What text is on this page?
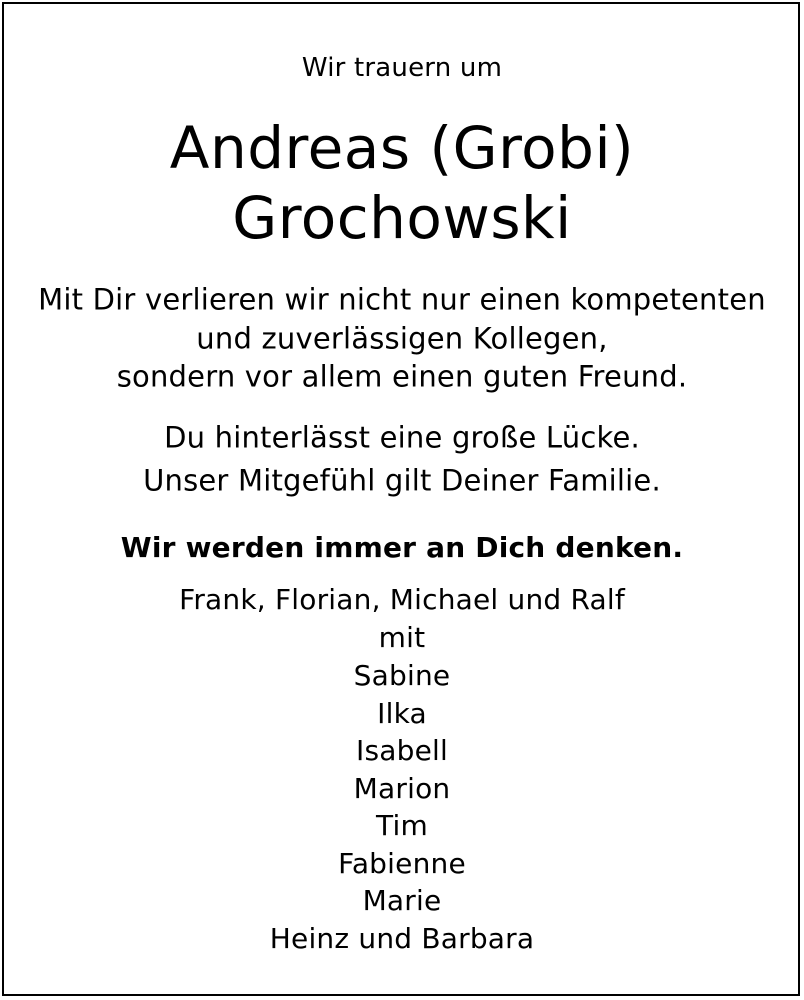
Wir trauern um
Andreas (Grobi)
Grochowski
Mit Dir verlieren wir nicht nur einen kompetenten
und zuverlässigen Kollegen,
sondern vor allem einen guten Freund.
Du hinterlässt eine große Lücke.
Unser Mitgefühl gilt Deiner Familie.
Wir werden immer an Dich denken.
Frank, Florian, Michael und Ralf
mit
Sabine
Ilka
Isabell
Marion
Tim
Fabienne
Marie
Heinz und Barbara
